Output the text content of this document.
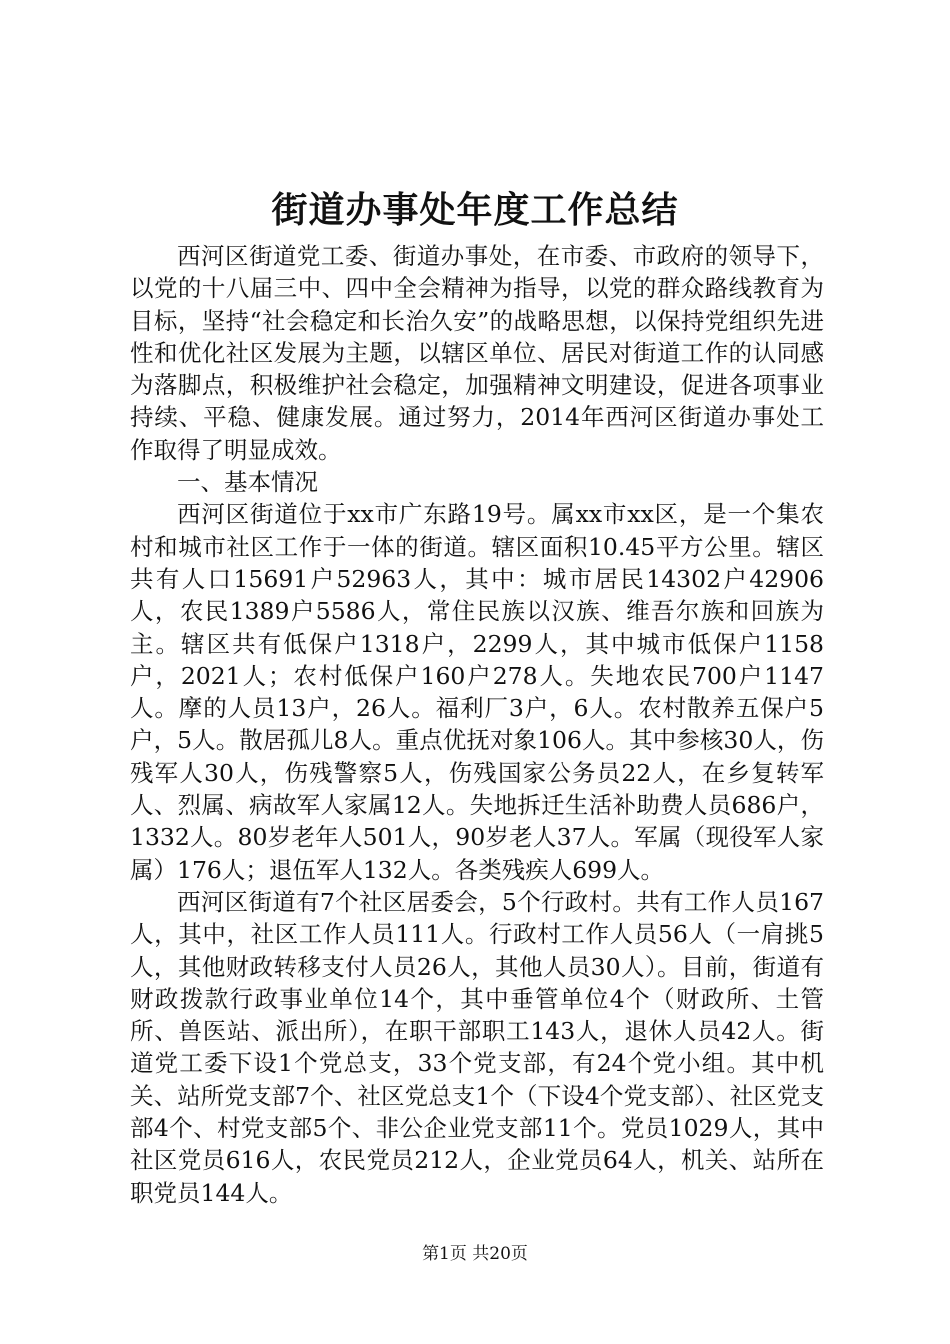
街道办事处年度工作总结

西河区街道党工委、街道办事处，在市委、市政府的领导下，以党的十八届三中、四中全会精神为指导，以党的群众路线教育为目标，坚持“社会稳定和长治久安”的战略思想，以保持党组织先进性和优化社区发展为主题，以辖区单位、居民对街道工作的认同感为落脚点，积极维护社会稳定，加强精神文明建设，促进各项事业持续、平稳、健康发展。通过努力，2014年西河区街道办事处工作取得了明显成效。

一、基本情况

西河区街道位于xx市广东路19号。属xx市xx区，是一个集农村和城市社区工作于一体的街道。辖区面积10.45平方公里。辖区共有人口15691户52963人，其中：城市居民14302户42906人，农民1389户5586人，常住民族以汉族、维吾尔族和回族为主。辖区共有低保户1318户，2299人，其中城市低保户1158户，2021人；农村低保户160户278人。失地农民700户1147人。摩的人员13户，26人。福利厂3户，6人。农村散养五保户5户，5人。散居孤儿8人。重点优抚对象106人。其中参核30人，伤残军人30人，伤残警察5人，伤残国家公务员22人，在乡复转军人、烈属、病故军人家属12人。失地拆迁生活补助费人员686户，1332人。80岁老年人501人，90岁老人37人。军属（现役军人家属）176人；退伍军人132人。各类残疾人699人。

西河区街道有7个社区居委会，5个行政村。共有工作人员167人，其中，社区工作人员111人。行政村工作人员56人（一肩挑5人，其他财政转移支付人员26人，其他人员30人）。目前，街道有财政拨款行政事业单位14个，其中垂管单位4个（财政所、土管所、兽医站、派出所），在职干部职工143人，退休人员42人。街道党工委下设1个党总支，33个党支部，有24个党小组。其中机关、站所党支部7个、社区党总支1个（下设4个党支部）、社区党支部4个、村党支部5个、非公企业党支部11个。党员1029人，其中社区党员616人，农民党员212人，企业党员64人，机关、站所在职党员144人。

第1页 共20页
